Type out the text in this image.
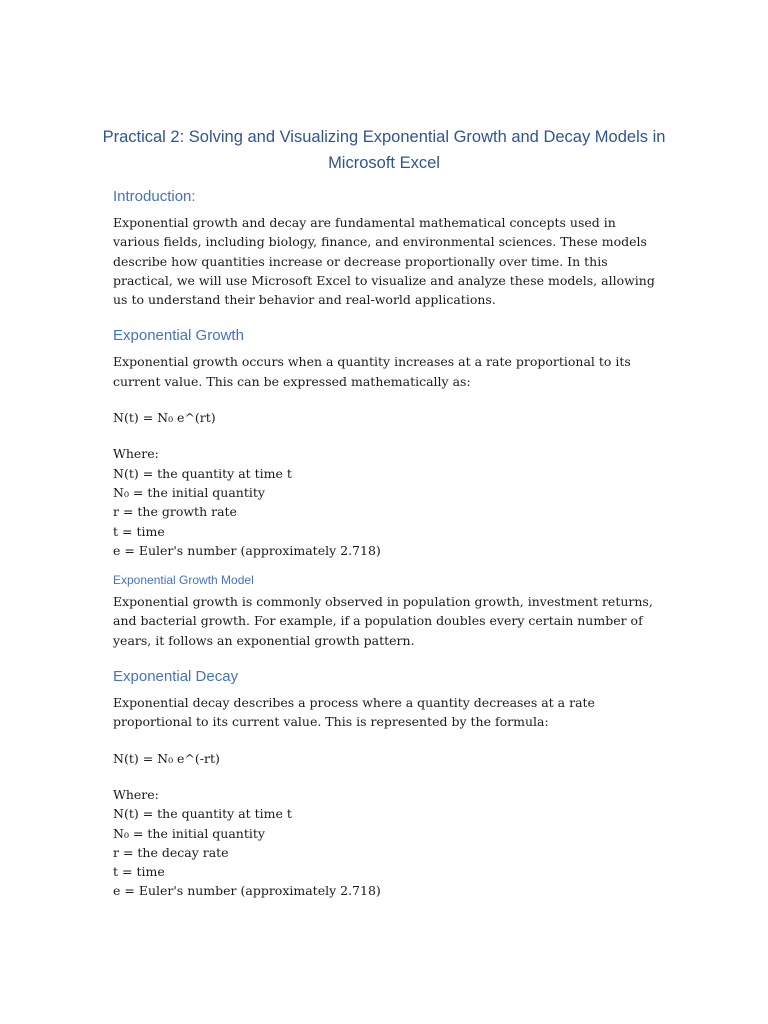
Practical 2: Solving and Visualizing Exponential Growth and Decay Models in Microsoft Excel
Introduction:

Exponential growth and decay are fundamental mathematical concepts used in various fields, including biology, finance, and environmental sciences. These models describe how quantities increase or decrease proportionally over time. In this practical, we will use Microsoft Excel to visualize and analyze these models, allowing us to understand their behavior and real-world applications.

Exponential Growth

Exponential growth occurs when a quantity increases at a rate proportional to its current value. This can be expressed mathematically as:

N(t) = N₀ e^(rt)

Where:
N(t) = the quantity at time t
N₀ = the initial quantity
r = the growth rate
t = time
e = Euler's number (approximately 2.718)
Exponential Growth Model

Exponential growth is commonly observed in population growth, investment returns, and bacterial growth. For example, if a population doubles every certain number of years, it follows an exponential growth pattern.

Exponential Decay

Exponential decay describes a process where a quantity decreases at a rate proportional to its current value. This is represented by the formula:

N(t) = N₀ e^(-rt)

Where:
N(t) = the quantity at time t
N₀ = the initial quantity
r = the decay rate
t = time
e = Euler's number (approximately 2.718)
